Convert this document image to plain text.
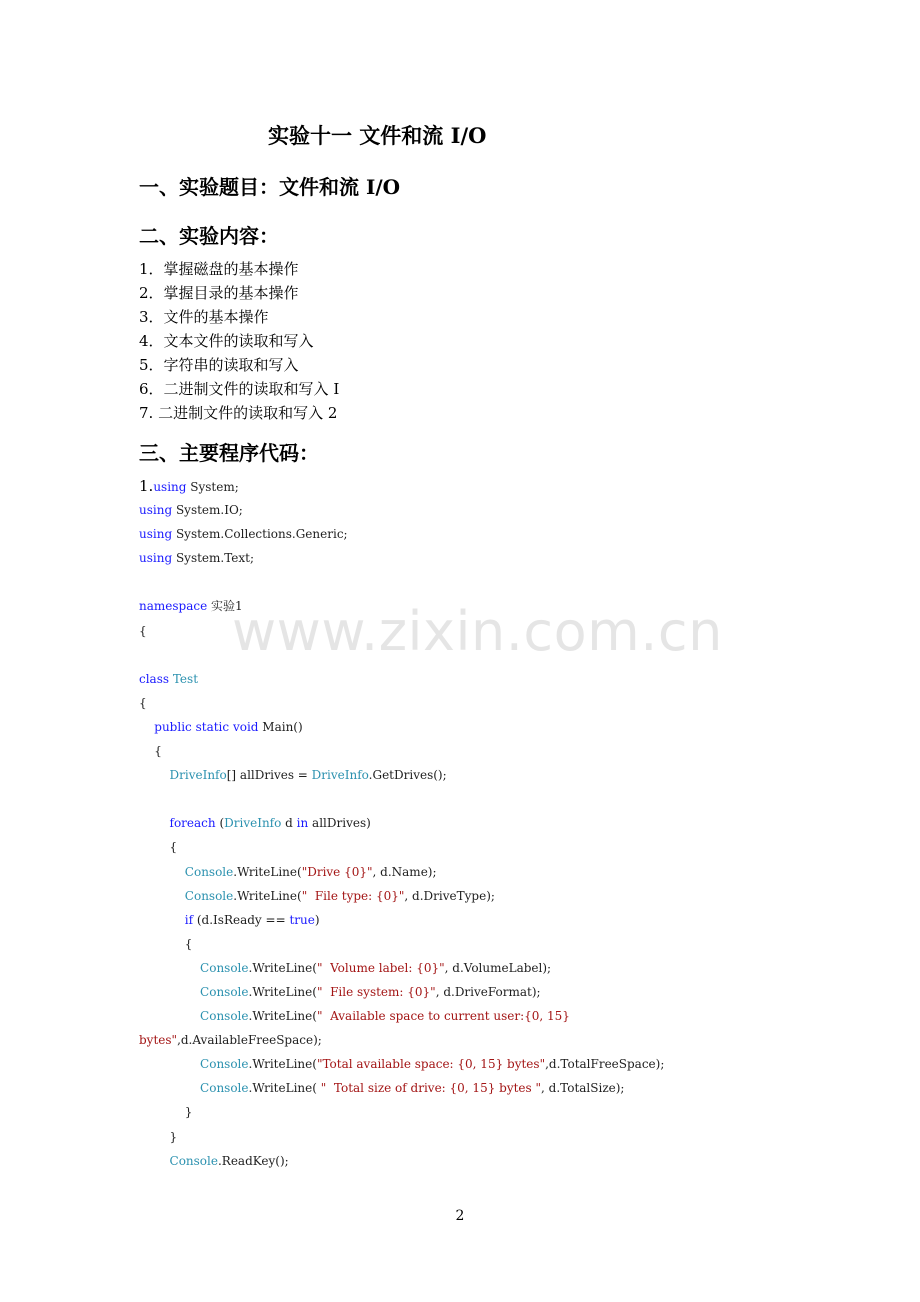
实验十一 文件和流 I/O
一、实验题目：文件和流 I/O
二、实验内容：
1．掌握磁盘的基本操作
2．掌握目录的基本操作
3．文件的基本操作
4．文本文件的读取和写入
5．字符串的读取和写入
6．二进制文件的读取和写入 I
7. 二进制文件的读取和写入 2
三、主要程序代码：
1.using System;
using System.IO;
using System.Collections.Generic;
using System.Text;
namespace 实验1
{
class Test
{
public static void Main()
{
DriveInfo[] allDrives = DriveInfo.GetDrives();
foreach (DriveInfo d in allDrives)
{
Console.WriteLine("Drive {0}", d.Name);
Console.WriteLine("  File type: {0}", d.DriveType);
if (d.IsReady == true)
{
Console.WriteLine("  Volume label: {0}", d.VolumeLabel);
Console.WriteLine("  File system: {0}", d.DriveFormat);
Console.WriteLine("  Available space to current user:{0, 15}
bytes",d.AvailableFreeSpace);
Console.WriteLine("Total available space: {0, 15} bytes",d.TotalFreeSpace);
Console.WriteLine( "  Total size of drive: {0, 15} bytes ", d.TotalSize);
}
}
Console.ReadKey();
www.zixin.com.cn
2
